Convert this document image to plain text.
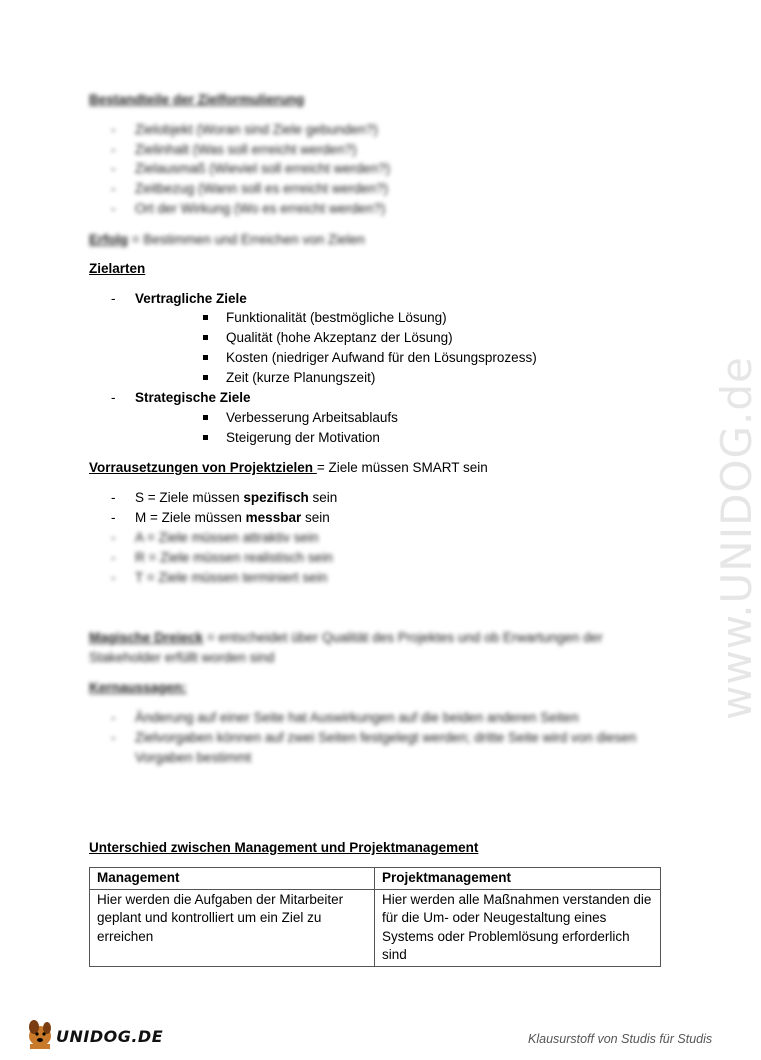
Bestandteile der Zielformulierung
- Zielobjekt (Woran sind Ziele gebunden?)
- Zielinhalt (Was soll erreicht werden?)
- Zielausmaß (Wieviel soll erreicht werden?)
- Zeitbezug (Wann soll es erreicht werden?)
- Ort der Wirkung (Wo es erreicht werden?)
Erfolg = Bestimmen und Erreichen von Zielen
Zielarten
- Vertragliche Ziele
Funktionalität (bestmögliche Lösung)
Qualität (hohe Akzeptanz der Lösung)
Kosten (niedriger Aufwand für den Lösungsprozess)
Zeit (kurze Planungszeit)
- Strategische Ziele
Verbesserung Arbeitsablaufs
Steigerung der Motivation
Vorrausetzungen von Projektzielen = Ziele müssen SMART sein
- S = Ziele müssen spezifisch sein
- M = Ziele müssen messbar sein
- A = Ziele müssen attraktiv sein
- R = Ziele müssen realistisch sein
- T = Ziele müssen terminiert sein
Magische Dreieck = entscheidet über Qualität des Projektes und ob Erwartungen der
Stakeholder erfüllt worden sind
Kernaussagen:
- Änderung auf einer Seite hat Auswirkungen auf die beiden anderen Seiten
- Zielvorgaben können auf zwei Seiten festgelegt werden; dritte Seite wird von diesen
Vorgaben bestimmt
Unterschied zwischen Management und Projektmanagement
Management	Projektmanagement
Hier werden die Aufgaben der Mitarbeiter geplant und kontrolliert um ein Ziel zu erreichen	Hier werden alle Maßnahmen verstanden die für die Um- oder Neugestaltung eines Systems oder Problemlösung erforderlich sind
www.UNIDOG.de
UNIDOG.DE	Klausurstoff von Studis für Studis
